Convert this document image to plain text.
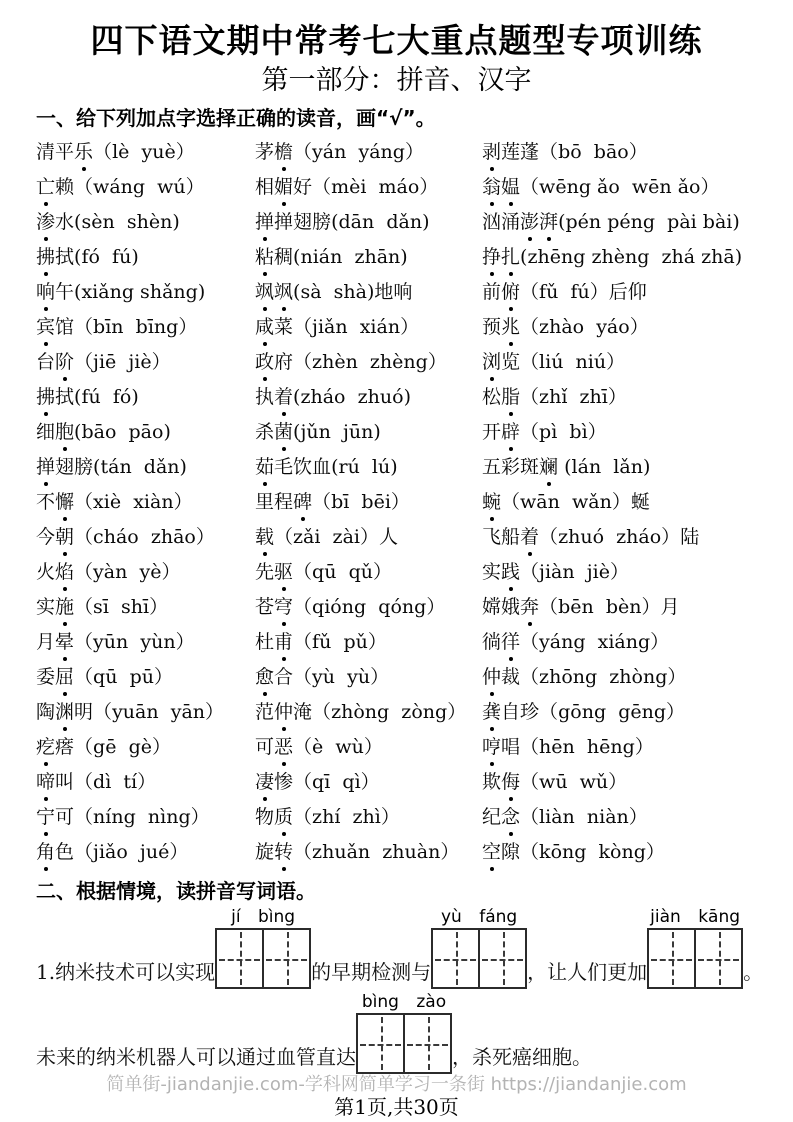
四下语文期中常考七大重点题型专项训练
第一部分：拼音、汉字
一、给下列加点字选择正确的读音，画“√”。
清平乐（lè yuè）	茅檐（yán yáng）	剥莲蓬（bō bāo）
亡赖（wáng wú）	相媚好（mèi máo）	翁媪（wēng ǎo wēn ǎo）
渗水(sèn shèn)	掸掸翅膀(dān dǎn)	汹涌澎湃(pén péng pài bài)
拂拭(fó fú)	粘稠(nián zhān)	挣扎(zhēng zhèng zhá zhā)
响午(xiǎng shǎng)	飒飒(sà shà)地响	前俯（fǔ fú）后仰
宾馆（bīn bīng）	咸菜（jiǎn xián）	预兆（zhào yáo）
台阶（jiē jiè）	政府（zhèn zhèng）	浏览（liú niú）
拂拭(fú fó)	执着(zháo zhuó)	松脂（zhǐ zhī）
细胞(bāo pāo)	杀菌(jǔn jūn)	开辟（pì bì）
掸翅膀(tán dǎn)	茹毛饮血(rú lú)	五彩斑斓 (lán lǎn)
不懈（xiè xiàn）	里程碑（bī bēi）	蜿（wān wǎn）蜒
今朝（cháo zhāo）	载（zǎi zài）人	飞船着（zhuó zháo）陆
火焰（yàn yè）	先驱（qū qǔ）	实践（jiàn jiè）
实施（sī shī）	苍穹（qióng qóng）	嫦娥奔（bēn bèn）月
月晕（yūn yùn）	杜甫（fǔ pǔ）	徜徉（yáng xiáng）
委屈（qū pū）	愈合（yù yù）	仲裁（zhōng zhòng）
陶渊明（yuān yān）	范仲淹（zhòng zòng） 龚自珍（gōng gēng）
疙瘩（gē gè）	可恶（è wù）	哼唱（hēn hēng）
啼叫（dì tí）	凄惨（qī qì）	欺侮（wū wǔ）
宁可（níng nìng）	物质（zhí zhì）	纪念（liàn niàn）
角色（jiǎo jué）	旋转（zhuǎn zhuàn）	空隙（kōng kòng）
二、根据情境，读拼音写词语。
1.纳米技术可以实现
jí bìng
的早期检测与
yù fáng
，让人们更加
jiàn kāng
。
未来的纳米机器人可以通过血管直达
bìng zào
，杀死癌细胞。
简单街-jiandanjie.com-学科网简单学习一条街 https://jiandanjie.com
第1页,共30页
